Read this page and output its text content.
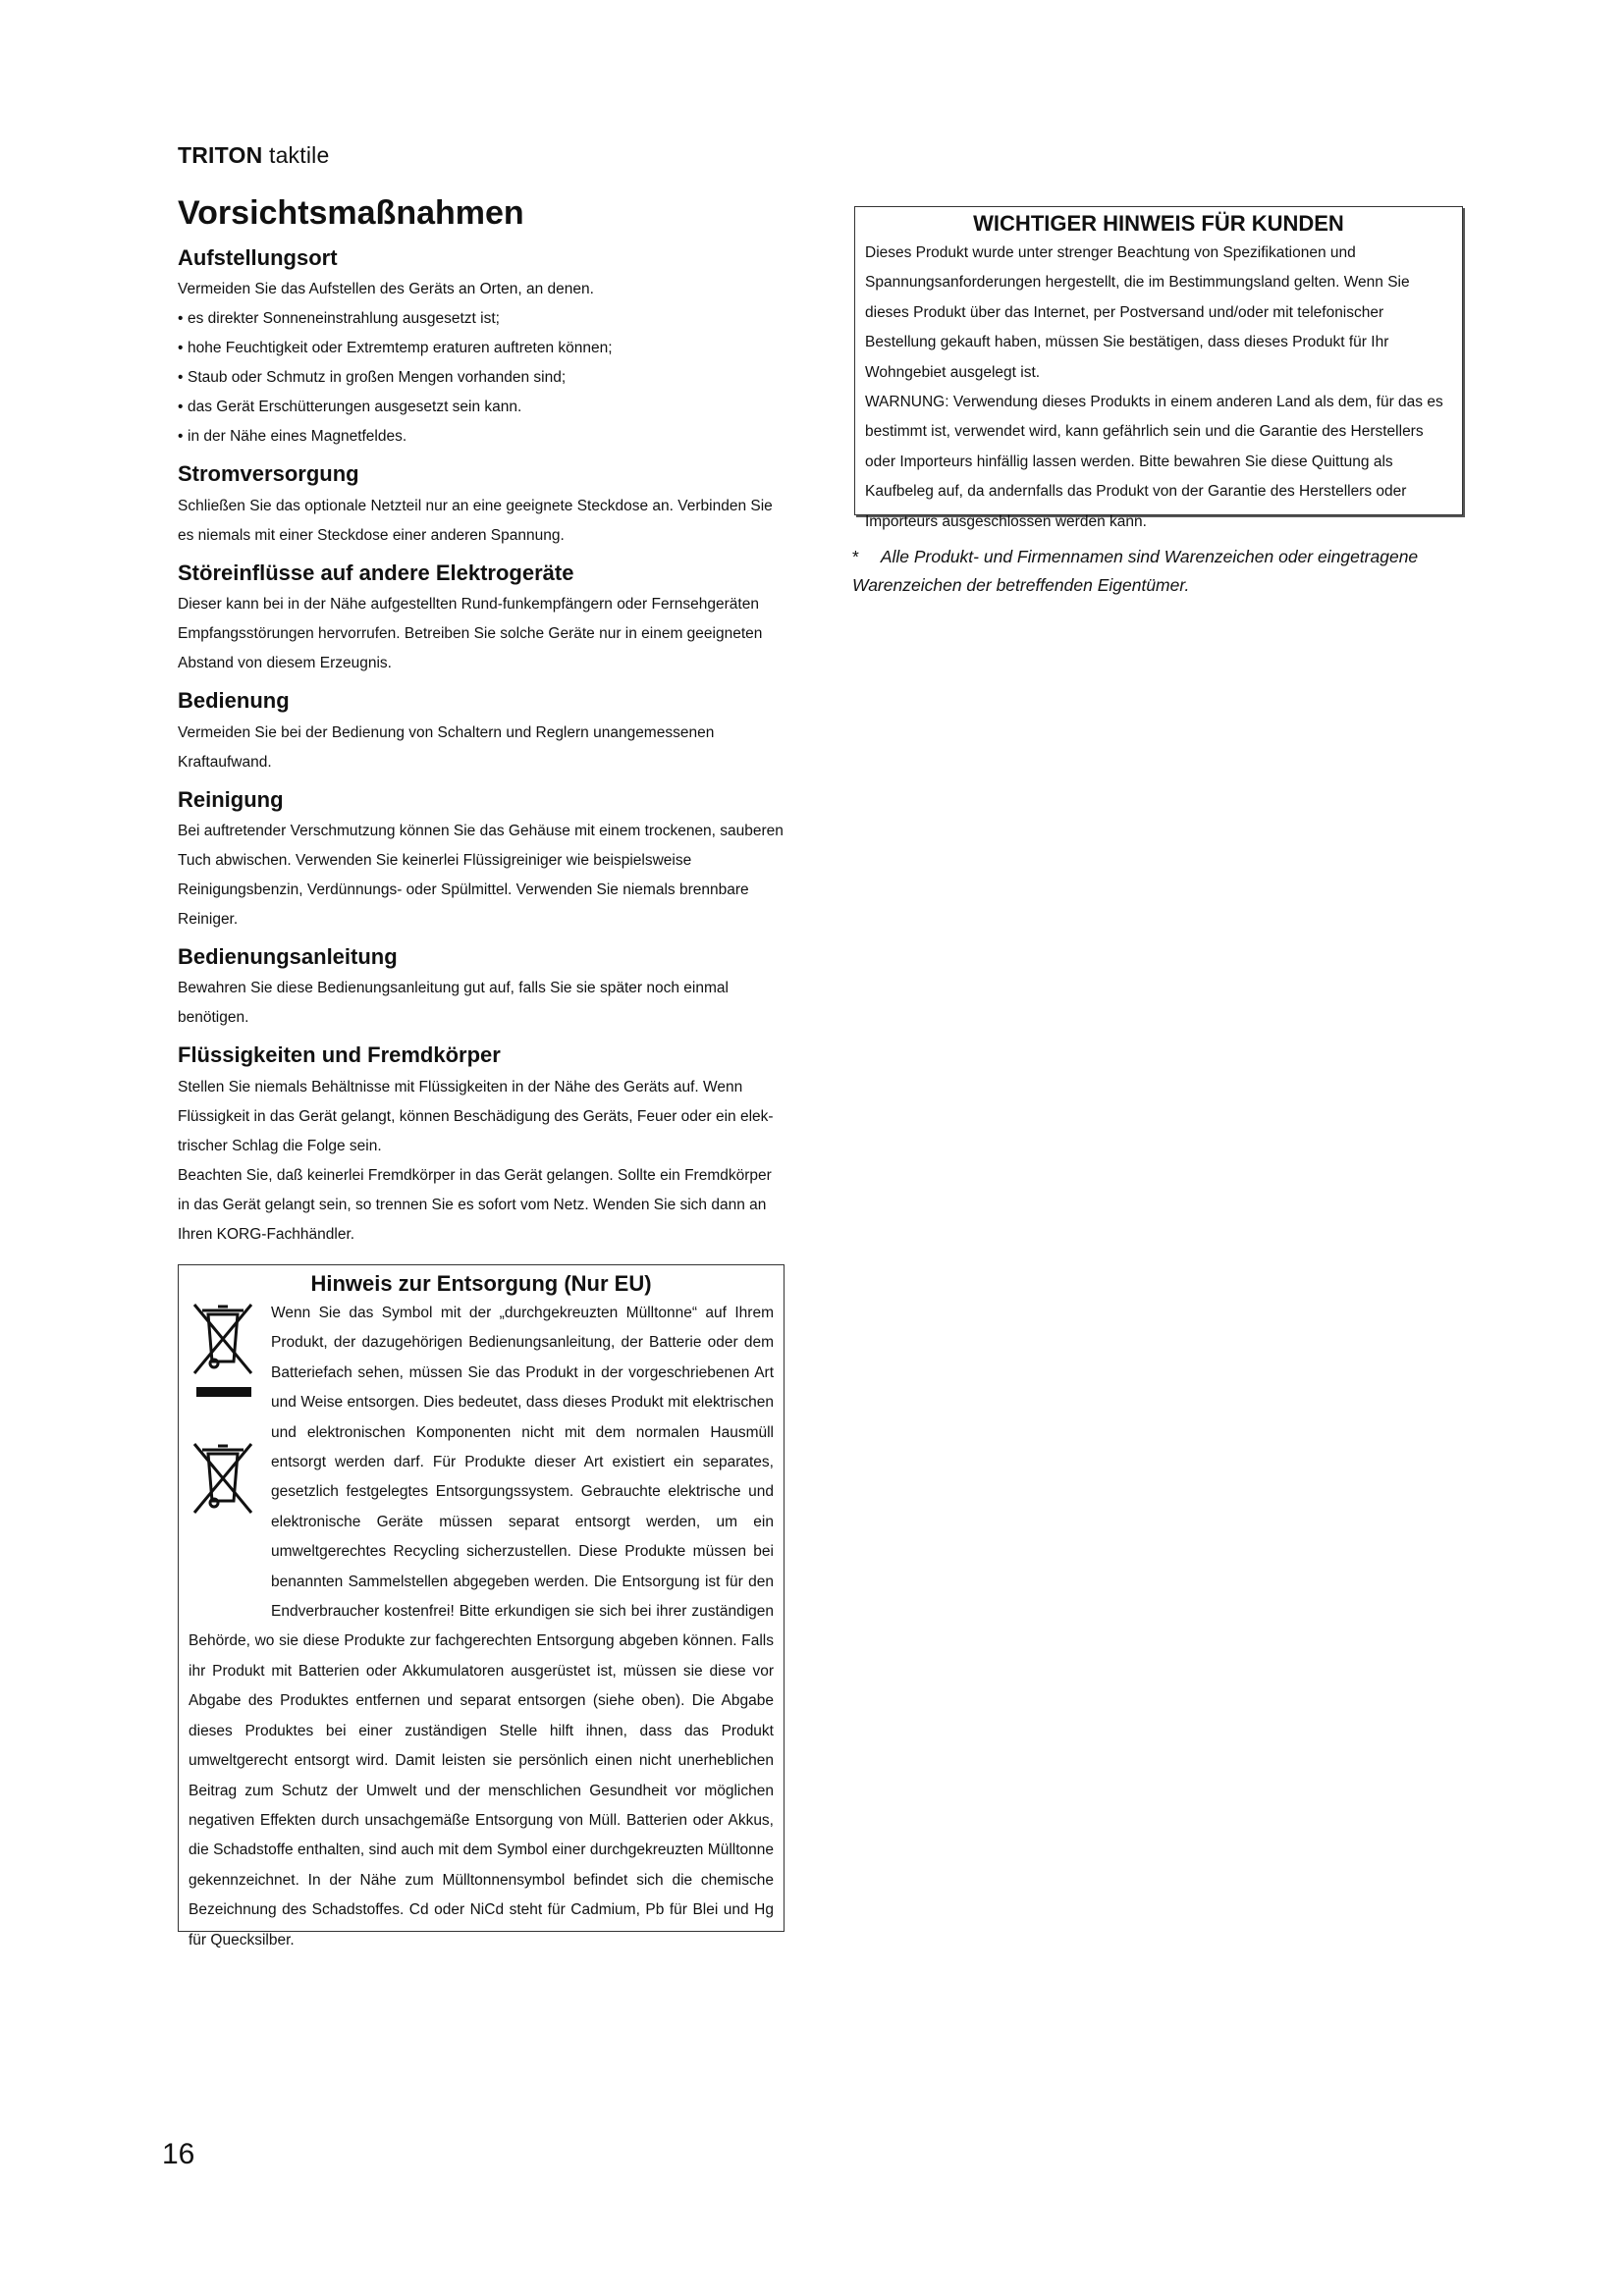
TRITON taktile
Vorsichtsmaßnahmen
Aufstellungsort

Vermeiden Sie das Aufstellen des Geräts an Orten, an denen.

• es direkter Sonneneinstrahlung ausgesetzt ist;
• hohe Feuchtigkeit oder Extremtemp eraturen auftreten können;
• Staub oder Schmutz in großen Mengen vorhanden sind;
• das Gerät Erschütterungen ausgesetzt sein kann.
• in der Nähe eines Magnetfeldes.
Stromversorgung

Schließen Sie das optionale Netzteil nur an eine geeignete Steckdose an. Verbinden Sie es niemals mit einer Steckdose einer anderen Spannung.

Störeinflüsse auf andere Elektrogeräte

Dieser kann bei in der Nähe aufgestellten Rund-funkempfängern oder Fernsehgeräten Empfangsstörungen hervorrufen. Betreiben Sie solche Geräte nur in einem geeigneten Abstand von diesem Erzeugnis.

Bedienung

Vermeiden Sie bei der Bedienung von Schaltern und Reglern unangemessenen Kraftaufwand.

Reinigung

Bei auftretender Verschmutzung können Sie das Gehäuse mit einem trockenen, sauberen Tuch abwischen. Verwenden Sie keinerlei Flüssigreiniger wie beispielsweise Reinigungsbenzin, Verdünnungs- oder Spülmittel. Verwenden Sie niemals brennbare Reiniger.

Bedienungsanleitung

Bewahren Sie diese Bedienungsanleitung gut auf, falls Sie sie später noch einmal benötigen.

Flüssigkeiten und Fremdkörper

Stellen Sie niemals Behältnisse mit Flüssigkeiten in der Nähe des Geräts auf. Wenn Flüssigkeit in das Gerät gelangt, können Beschädigung des Geräts, Feuer oder ein elek-trischer Schlag die Folge sein.

Beachten Sie, daß keinerlei Fremdkörper in das Gerät gelangen. Sollte ein Fremdkörper in das Gerät gelangt sein, so trennen Sie es sofort vom Netz. Wenden Sie sich dann an Ihren KORG-Fachhändler.

Hinweis zur Entsorgung (Nur EU)

Wenn Sie das Symbol mit der „durchgekreuzten Mülltonne“ auf Ihrem Produkt, der dazugehörigen Bedienungsanleitung, der Batterie oder dem Batteriefach sehen, müssen Sie das Produkt in der vorgeschriebenen Art und Weise entsorgen. Dies bedeutet, dass dieses Produkt mit elektrischen und elektronischen Komponenten nicht mit dem normalen Hausmüll entsorgt werden darf. Für Produkte dieser Art existiert ein separates, gesetzlich festgelegtes Entsorgungssystem. Gebrauchte elektrische und elektronische Geräte müssen separat entsorgt werden, um ein umweltgerechtes Recycling sicherzustellen. Diese Produkte müssen bei benannten Sammelstellen abgegeben werden. Die Entsorgung ist für den Endverbraucher kostenfrei! Bitte erkundigen sie sich bei ihrer zuständigen Behörde, wo sie diese Produkte zur fachgerechten Entsorgung abgeben können. Falls ihr Produkt mit Batterien oder Akkumulatoren ausgerüstet ist, müssen sie diese vor Abgabe des Produktes entfernen und separat entsorgen (siehe oben). Die Abgabe dieses Produktes bei einer zuständigen Stelle hilft ihnen, dass das Produkt umweltgerecht entsorgt wird. Damit leisten sie persönlich einen nicht unerheblichen Beitrag zum Schutz der Umwelt und der menschlichen Gesundheit vor möglichen negativen Effekten durch unsachgemäße Entsorgung von Müll. Batterien oder Akkus, die Schadstoffe enthalten, sind auch mit dem Symbol einer durchgekreuzten Mülltonne gekennzeichnet. In der Nähe zum Mülltonnensymbol befindet sich die chemische Bezeichnung des Schadstoffes. Cd oder NiCd steht für Cadmium, Pb für Blei und Hg für Quecksilber.

WICHTIGER HINWEIS FÜR KUNDEN

Dieses Produkt wurde unter strenger Beachtung von Spezifikationen und Spannungsanforderungen hergestellt, die im Bestimmungsland gelten. Wenn Sie dieses Produkt über das Internet, per Postversand und/oder mit telefonischer Bestellung gekauft haben, müssen Sie bestätigen, dass dieses Produkt für Ihr Wohngebiet ausgelegt ist.

WARNUNG: Verwendung dieses Produkts in einem anderen Land als dem, für das es bestimmt ist, verwendet wird, kann gefährlich sein und die Garantie des Herstellers oder Importeurs hinfällig lassen werden. Bitte bewahren Sie diese Quittung als Kaufbeleg auf, da andernfalls das Produkt von der Garantie des Herstellers oder Importeurs ausgeschlossen werden kann.

* Alle Produkt- und Firmennamen sind Warenzeichen oder eingetragene Warenzeichen der betreffenden Eigentümer.
16
